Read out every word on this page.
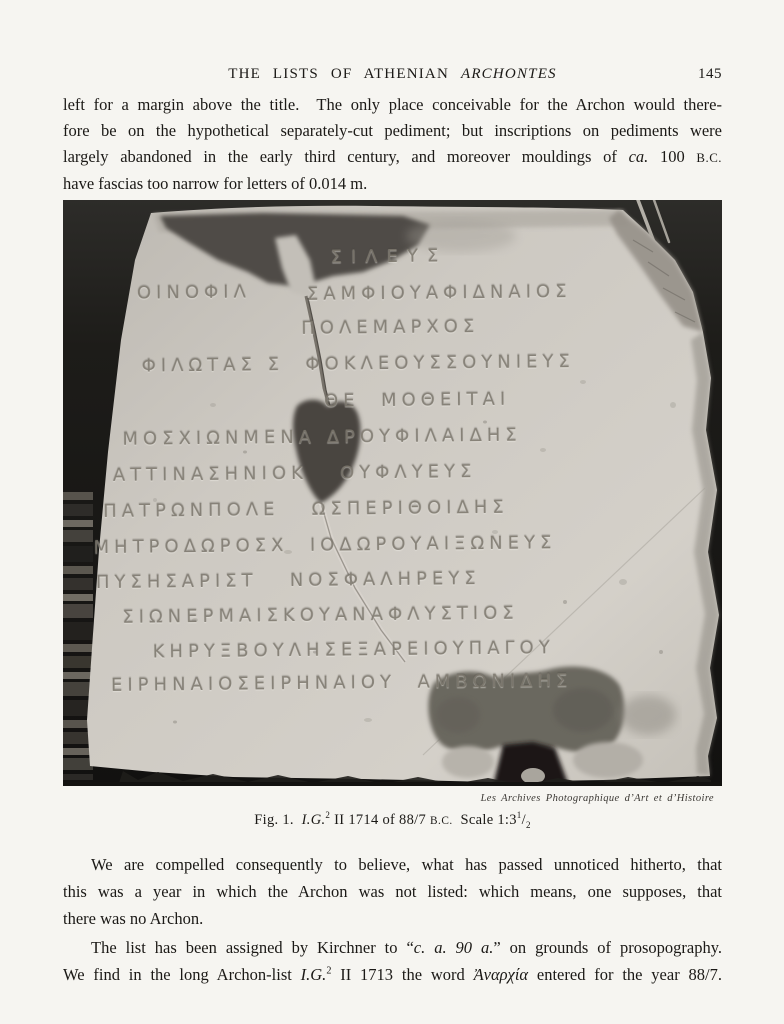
THE LISTS OF ATHENIAN ARCHONTES	145
left for a margin above the title.  The only place conceivable for the Archon would there-
fore be on the hypothetical separately-cut pediment; but inscriptions on pediments were
largely abandoned in the early third century, and moreover mouldings of ca. 100 B.C.
have fascias too narrow for letters of 0.014 m.
ΣΙΛΕΥΣ
ΟΙΝΟΦΙΛ	ΣΑΜΦΙΟΥΑΦΙΔΝΑΙΟΣ
ΠΟΛΕΜΑΡΧΟΣ
ΦΙΛΩΤΑΣ Σ  ΦΟΚΛΕΟΥΣΣΟΥΝΙΕΥΣ
ΘΕ  ΜΟΘΕΙΤΑΙ
ΜΟΣΧΙΩΝΜΕΝΑ ΔΡΟΥΦΙΛΑΙΔΗΣ
ΑΤΤΙΝΑΣΗΝΙΟΚ   ΟΥΦΛΥΕΥΣ
ΠΑΤΡΩΝΠΟΛΕ   ΩΣΠΕΡΙΘΟΙΔΗΣ
ΜΗΤΡΟΔΩΡΟΣΧ  ΙΟΔΩΡΟΥΑΙΞΩΝΕΥΣ
ΠΥΣΗΣΑΡΙΣΤ   ΝΟΣΦΑΛΗΡΕΥΣ
ΣΙΩΝΕΡΜΑΙΣΚΟΥΑΝΑΦΛΥΣΤΙΟΣ
ΚΗΡΥΞΒΟΥΛΗΣΕΞΑΡΕΙΟΥΠΑΓΟΥ
ΕΙΡΗΝΑΙΟΣΕΙΡΗΝΑΙΟΥ  ΑΜΒΩΝΙΔΗΣ
Les Archives Photographique d’Art et d’Histoire
Fig. 1.  I.G.$^2$ II 1714 of 88/7 B.C.  Scale $1:3^1/_2$
We are compelled consequently to believe, what has passed unnoticed hitherto, that
this was a year in which the Archon was not listed: which means, one supposes, that
there was no Archon.
The list has been assigned by Kirchner to “c. a. 90 a.” on grounds of prosopography.
We find in the long Archon-list I.G.$^2$ II 1713 the word Ἀναρχία entered for the year 88/7.
